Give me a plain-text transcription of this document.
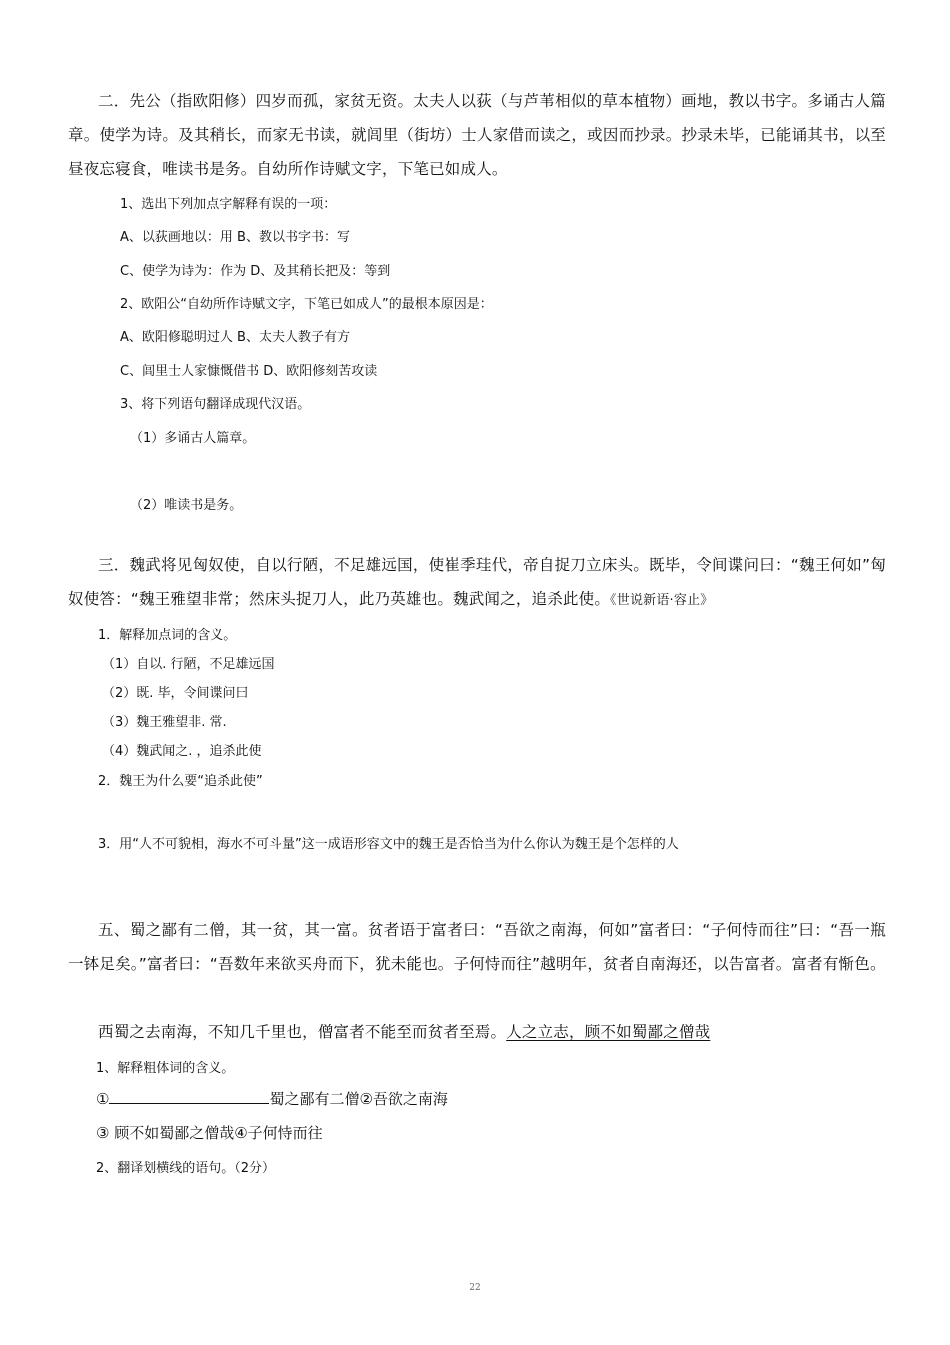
二．先公（指欧阳修）四岁而孤，家贫无资。太夫人以荻（与芦苇相似的草本植物）画地，教以书字。多诵古人篇章。使学为诗。及其稍长，而家无书读，就闾里（街坊）士人家借而读之，或因而抄录。抄录未毕，已能诵其书，以至昼夜忘寝食，唯读书是务。自幼所作诗赋文字，下笔已如成人。

1、选出下列加点字解释有误的一项：

A、以荻画地以：用 B、教以书字书：写

C、使学为诗为：作为 D、及其稍长把及：等到

2、欧阳公“自幼所作诗赋文字，下笔已如成人”的最根本原因是：

A、欧阳修聪明过人 B、太夫人教子有方

C、闾里士人家慷慨借书 D、欧阳修刻苦攻读

3、将下列语句翻译成现代汉语。

（1）多诵古人篇章。

（2）唯读书是务。

三．魏武将见匈奴使，自以行陋，不足雄远国，使崔季珪代，帝自捉刀立床头。既毕，令间谍问曰：“魏王何如”匈奴使答：“魏王雅望非常；然床头捉刀人，此乃英雄也。魏武闻之，追杀此使。《世说新语·容止》

1．解释加点词的含义。

（1）自以. 行陋，不足雄远国

（2）既. 毕，令间谍问曰

（3）魏王雅望非. 常.

（4）魏武闻之. ，追杀此使

2．魏王为什么要“追杀此使”

3．用“人不可貌相，海水不可斗量”这一成语形容文中的魏王是否恰当为什么你认为魏王是个怎样的人

五、蜀之鄙有二僧，其一贫，其一富。贫者语于富者曰：“吾欲之南海，何如”富者曰：“子何恃而往”曰：“吾一瓶一钵足矣。”富者曰：“吾数年来欲买舟而下，犹未能也。子何恃而往”越明年，贫者自南海还，以告富者。富者有惭色。

西蜀之去南海，不知几千里也，僧富者不能至而贫者至焉。人之立志，顾不如蜀鄙之僧哉

1、解释粗体词的含义。

①	蜀之鄙有二僧②吾欲之南海

③ 顾不如蜀鄙之僧哉④子何恃而往

2、翻译划横线的语句。（2分）

22
